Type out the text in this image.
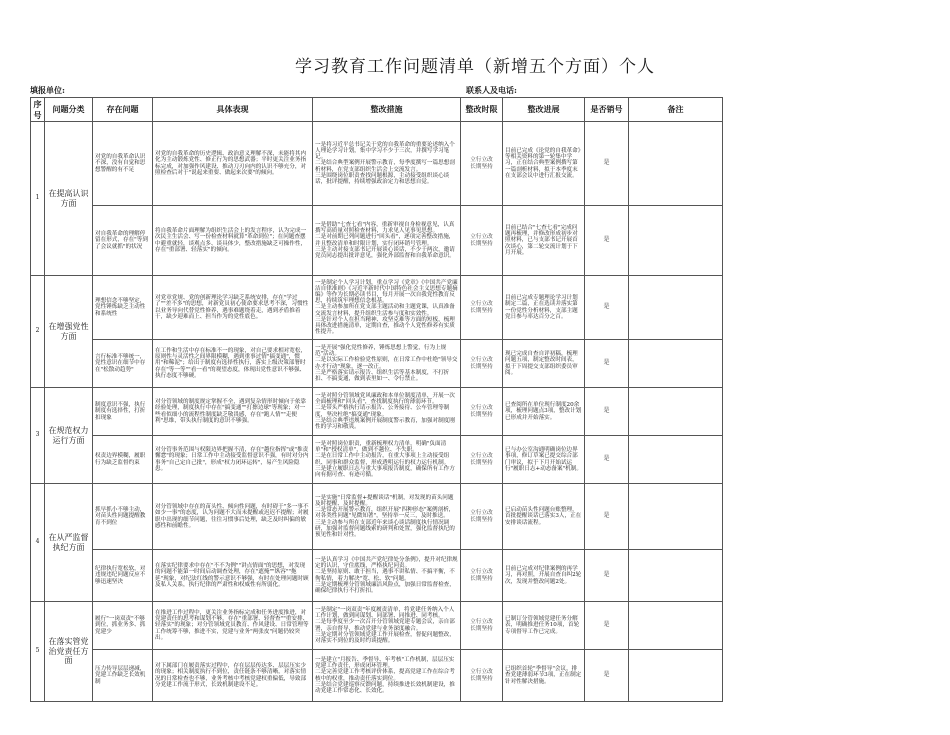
学习教育工作问题清单（新增五个方面）个人
填报单位:	联系人及电话:
序号	问题分类	存在问题	具体表现	整改措施	整改时限	整改进展	是否销号	备注
1	在提高认识方面	对党的自我革命认识不深，没有自觉和思想警醒的有不足	对党的自我革命的历史逻辑、政治意义理解不深，未能将其内化为主动锻炼党性、修正行为的思想武器；平时更关注业务指标完成，对加强作风建设、推动刀刃向内的认识不够充分，对照检查后对于"说起来重要、做起来次要"的倾向。	一是将习近平总书记关于党的自我革命的重要论述纳入个人理论学习计划，集中学习不少于三次，并撰写学习笔记。
二是结合典型案例开展警示教育，每季度撰写一篇思想剖析材料，在党支部组织生活会上交流发言。
三是围绕岗位职责查找问题根源，主动接受组织谈心谈话，批评提醒，持续增强政治定力和思想自觉。	立行立改
长期坚持	目前已完成《论党的自我革命》等相关资料的第一轮集中学习，正在结合典型案例撰写第一篇剖析材料，拟于本季度末在支部会议中进行汇报交流。	是	
		对自我革命的理解停留在形式，存在"等到了会议就抓"的状况	将自我革命片面理解为组织生活会上的发言程序，认为完成一次民主生活会、写一份检查材料就算"革命到位"；在问题查摆中避重就轻，谈观点多、谈具体少，整改措施缺乏可操作性，存在"重部署、轻落实"的倾向。	一是借助"七查七看"内容，重新审视自身检视意见，认真撰写高质量对照检查材料，力求见人见事见思想。
二是对前期已列问题进行"回头看"，逐项完善整改措施，并且整改清单和时限计划，实行闭环销号管理。
三是主动对接支部书记开展谈心谈话，不少于两次，邀请党员同志提出批评意见，强化外部监督和自我革命意识。	立行立改
长期坚持	目前已结合"七查七看"完成问题再梳理，并修改形成初步对照材料，已与支部书记开展首次谈心，第二轮交流计划于下月开展。	是	
2	在增强党性方面	理想信念不够坚定，党性锤炼缺乏主动性和系统性	对党章党规、党的创新理论学习缺乏系统安排，存在"学过了""差不多"的思想，对新党员初心使命要求思考不深，习惯性以业务导向代替党性修养，遇事难题绕着走，遇到矛盾推着干，缺少迎难而上、担当作为的党性底色。	一是制定个人学习计划，重点学习《党章》《中国共产党廉洁自律准则》《习近平新时代中国特色社会主义思想专题摘编》等作为长期必读书目，每月开展一次自我党性教育反思，持续筑牢理想信念根基。
二是主动参加所在党支部主题活动和主题党课，认真准备交流发言材料，提升组织生活参与度和实效性。
三是针对个人在担当精神、攻坚克难等方面的短板，梳理具体改进措施清单，定期自查，推动个人党性修养有实质性提升。	立行立改
长期坚持	目前已完成专题理论学习计划制定二篇，正在选读并落实第一份党性分析材料，支部主题党日参与率达百分之百。	是	
		言行标准不够统一，党性意识在细节中存在"松散动趋势"	在工作和生活中存在标准不一的现象，对自己要求相对宽松，原则性与灵活性之间界限模糊，遇到重事过情"搞变通"，惯用"和稀泥"；给出于制度有选择性执行，落实上级决策部署时存在"等一等""看一看"的观望态度，体现出党性意识不够强、执行态度不够硬。	一是开展"强化党性修养，锤炼思想上警觉，行为上规范"活动。
二是以实际工作检验党性原则，在日常工作中杜绝"领导交办才行动"现象，逐一改正。
三是严格落实请示报告、组织生活等基本制度，不打折扣、不搞变通，做到表里如一、令行禁止。	立行立改
长期坚持	现已完成自查自评初稿，梳理问题五项，制定整改时间表，拟于下周提交支部组织委员审阅。	是	
3	在规范权力运行方面	制度意识不强，执行制度有选择性，打折扣现象	对分管领域的制度规定掌握不全，遇到复杂情形时倾向于依靠经验处理，制度执行中存在"搞变通""打擦边球"等现象；对一些看似细小的流程性制度缺乏敬畏感，存在"跑人情""走便利"思维，带头执行制度的意识不够强。	一是对照分管领域党风廉政和本单位制度清单，开展一次全面梳理和"回头看"，查找制度执行的薄弱环节。
二是带头严格执行请示报告、公务接待、公车管理等制度，坚决杜绝"搞变通"现象。
三是结合典型违规案例开展制度警示教育，加强对制度刚性的学习和敬畏。	立行立改
长期坚持	已查阅所在单位现行制度20余项，梳理问题点3项，整改计划已形成并开始落实。	是	
		权责边界模糊，履职行为缺乏监督约束	对分管事务范围与权限边界把握不清，存在"越位指挥"或"推责懈怠"的现象；日常工作中主动接受监督意识不强，有时对分内事务"自己定自己批"，形成"权力闭环运转"，易产生风险隐患。	一是对照岗位职责，重新梳理权力清单，明确"负面清单"和"授权清单"，做到不越位、不失职。
二是在日常工作中主动报告，在重大事项上主动接受组织、同事和群众监督，形成透明运行的权力运行机制。
三是建立履职日志与重大事项报告制度，确保所有工作方向有据可查、有迹可循。	立行立改
长期坚持	已与办公室沟通明确岗位边界事项，修订草案已提交综合部门审议，拟于下月开始试运行"履职日志+动态备案"机制。	是	
4	在从严监督执纪方面	抓早抓小不够主动，对苗头性问题提醒教育不到位	对分管领域中存在的苗头性、倾向性问题，有时碍于"多一事不如少一事"的态度，认为问题不大而未提醒或迟迟不提醒；对履职中出现的细节问题，往往习惯事后处理，缺乏及时纠偏的敏感性和前瞻性。	一是实施"日常监督+提醒谈话"机制，对发现的苗头问题及时提醒、及时提醒。
二是常态开展警示教育，组织开展"四种形态"案例剖析，对各类性问题"见微知著"，坚持举一反三，及时推送。
三是主动参与所在支部近年来谈心谈话制度执行情况调研，加强对监督问题线索的研判和处置，强化监督执纪的预见性和针对性。	立行立改
长期坚持	已启动苗头性问题台账整理，首批提醒谈话已落实3人，正在安排谈话流程。	是	
		纪律执行宽松软，对违规违纪问题反应不够迅速坚决	在落实纪律要求中存在"不不为例""讲点情面"的思想，对发现的问题不能第一时间启动调查处理，存在"遮掩""纵容""拖延"现象，对纪法红线的警示意识不够强，有时在处理问题时顾及私人关系，执行纪律的严肃性和权威性有所弱化。	一是认真学习《中国共产党纪律处分条例》，提升对纪律规定的认识，守住底线，严格执纪问责。
二是坚持原则、敢于担当，遇事不讲私情、不搞平衡，不徇私情，着力解决"宽、松、软"问题。
三是定期梳理分管领域廉洁风险点，加强日常监督检查，确保纪律执行不打折扣。	立行立改
长期坚持	目前已完成对纪律案例的再学习，再对照，开展自查自纠2轮次，发现并整改问题2处。	是	
5	在落实管党治党责任方面	履行"一岗双责"不够到位，抓业务多、抓党建少	在推进工作过程中，更关注业务指标完成和任务进度推进，对党建责任的思考和谋划不够，存在"重部署、轻督查""重安排、轻落实"的现象；对分管领域党员教育、作风建设、日常管理等工作统筹不够，推进不实，党建与业务"两张皮"问题仍较突出。	一是制定"一岗双责"年度履责清单，将党建任务纳入个人工作计划，做到同谋划、同部署、同推进、同考核。
二是每季度至少一次召开分管领域党建专题会议，亲自部署，亲自督导，推动党建与业务深度融合。
三是定期对分管领域党建工作开展检查，督促问题整改，对落实不到位的及时约谈提醒。	立行立改
长期坚持	已制订分管领域党建任务分解表，明确推进任务10项，首轮专项督导工作已完成。	是	
		压力传导层层递减，党建工作缺乏长效机制	对下属部门在履责落实过程中，存在层层传达多、层层压实少的现象；相关制度执行不到位，责任链条不够清晰，对落实情况的日常检查也不够，业务考核中考核党建权重偏低，导致部分党建工作流于形式，长效机制建设不足。	一是建立"月报告、季督导、年考核"工作机制，层层压实党建工作责任，形成闭环管理。
二是完善党建工作考核评价体系，提高党建工作在综合考核中的权重，推动责任落实到位。
三是结合党建巡察反馈问题，持续推进长效机制建设，推动党建工作常态化、长效化。	立行立改
长期坚持	已组织首轮"季督导"会议，排查党建薄弱环节3项，正在制定针对性解决措施。	是	
